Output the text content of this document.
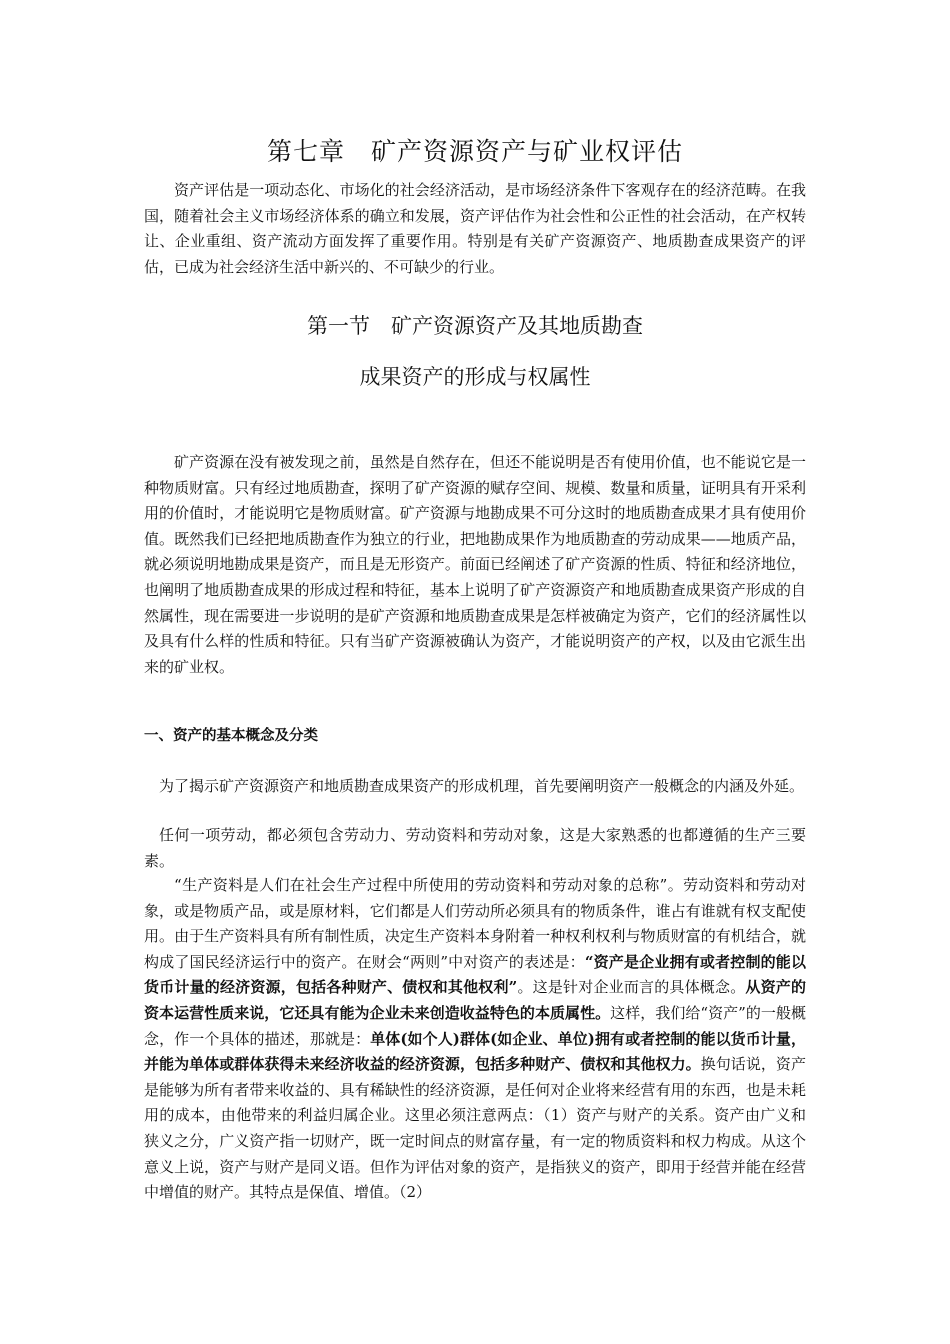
第七章　矿产资源资产与矿业权评估

资产评估是一项动态化、市场化的社会经济活动，是市场经济条件下客观存在的经济范畴。在我国，随着社会主义市场经济体系的确立和发展，资产评估作为社会性和公正性的社会活动，在产权转让、企业重组、资产流动方面发挥了重要作用。特别是有关矿产资源资产、地质勘查成果资产的评估，已成为社会经济生活中新兴的、不可缺少的行业。

第一节　矿产资源资产及其地质勘查
成果资产的形成与权属性

矿产资源在没有被发现之前，虽然是自然存在，但还不能说明是否有使用价值，也不能说它是一种物质财富。只有经过地质勘查，探明了矿产资源的赋存空间、规模、数量和质量，证明具有开采利用的价值时，才能说明它是物质财富。矿产资源与地勘成果不可分这时的地质勘查成果才具有使用价值。既然我们已经把地质勘查作为独立的行业，把地勘成果作为地质勘查的劳动成果——地质产品，就必须说明地勘成果是资产，而且是无形资产。前面已经阐述了矿产资源的性质、特征和经济地位，也阐明了地质勘查成果的形成过程和特征，基本上说明了矿产资源资产和地质勘查成果资产形成的自然属性，现在需要进一步说明的是矿产资源和地质勘查成果是怎样被确定为资产，它们的经济属性以及具有什么样的性质和特征。只有当矿产资源被确认为资产，才能说明资产的产权，以及由它派生出来的矿业权。

一、资产的基本概念及分类

为了揭示矿产资源资产和地质勘查成果资产的形成机理，首先要阐明资产一般概念的内涵及外延。

任何一项劳动，都必须包含劳动力、劳动资料和劳动对象，这是大家熟悉的也都遵循的生产三要素。

“生产资料是人们在社会生产过程中所使用的劳动资料和劳动对象的总称”。劳动资料和劳动对象，或是物质产品，或是原材料，它们都是人们劳动所必须具有的物质条件，谁占有谁就有权支配使用。由于生产资料具有所有制性质，决定生产资料本身附着一种权利权利与物质财富的有机结合，就构成了国民经济运行中的资产。在财会“两则”中对资产的表述是：“资产是企业拥有或者控制的能以货币计量的经济资源，包括各种财产、债权和其他权利”。这是针对企业而言的具体概念。从资产的资本运营性质来说，它还具有能为企业未来创造收益特色的本质属性。这样，我们给“资产”的一般概念，作一个具体的描述，那就是：单体(如个人)群体(如企业、单位)拥有或者控制的能以货币计量，并能为单体或群体获得未来经济收益的经济资源，包括多种财产、债权和其他权力。换句话说，资产是能够为所有者带来收益的、具有稀缺性的经济资源，是任何对企业将来经营有用的东西，也是未耗用的成本，由他带来的利益归属企业。这里必须注意两点：（1）资产与财产的关系。资产由广义和狭义之分，广义资产指一切财产，既一定时间点的财富存量，有一定的物质资料和权力构成。从这个意义上说，资产与财产是同义语。但作为评估对象的资产，是指狭义的资产，即用于经营并能在经营中增值的财产。其特点是保值、增值。（2）
